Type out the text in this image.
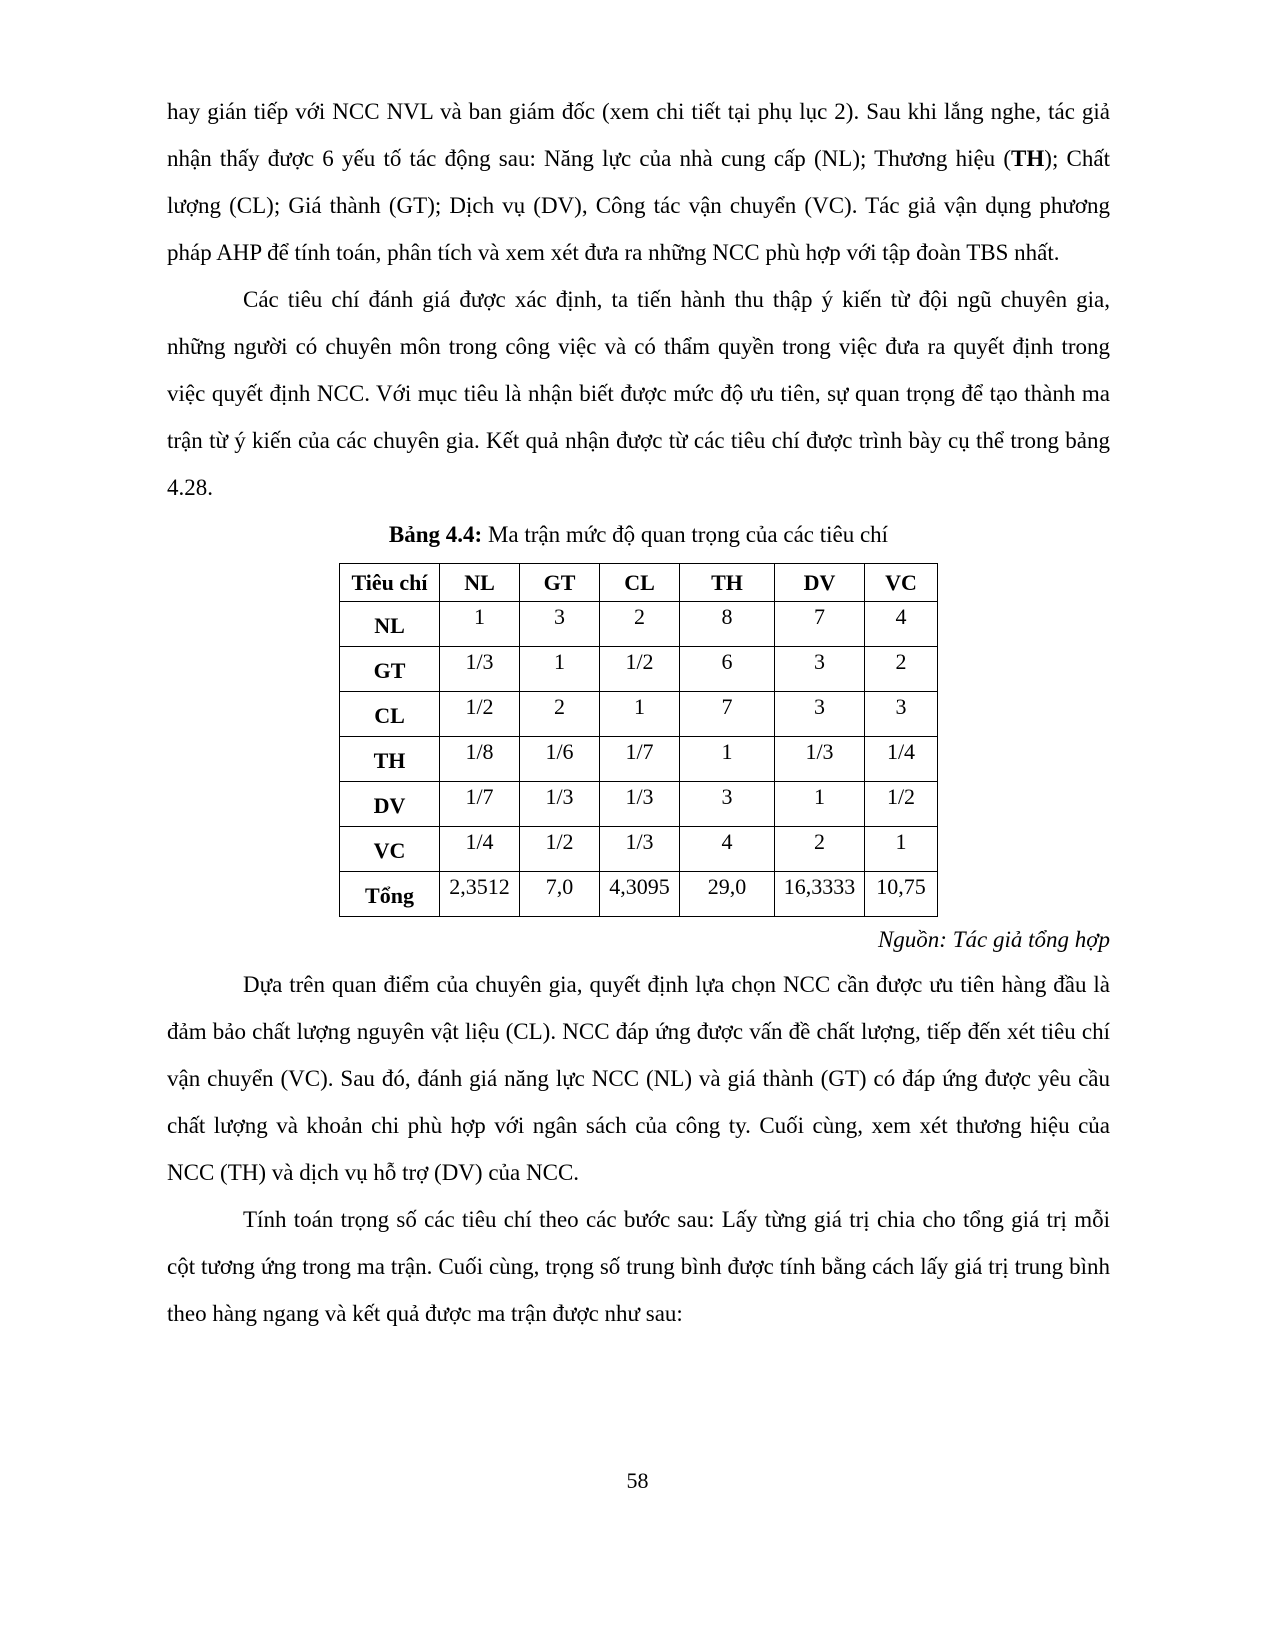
hay gián tiếp với NCC NVL và ban giám đốc (xem chi tiết tại phụ lục 2). Sau khi lắng nghe, tác giả nhận thấy được 6 yếu tố tác động sau: Năng lực của nhà cung cấp (NL); Thương hiệu (TH); Chất lượng (CL); Giá thành (GT); Dịch vụ (DV), Công tác vận chuyển (VC). Tác giả vận dụng phương pháp AHP để tính toán, phân tích và xem xét đưa ra những NCC phù hợp với tập đoàn TBS nhất.

Các tiêu chí đánh giá được xác định, ta tiến hành thu thập ý kiến từ đội ngũ chuyên gia, những người có chuyên môn trong công việc và có thẩm quyền trong việc đưa ra quyết định trong việc quyết định NCC. Với mục tiêu là nhận biết được mức độ ưu tiên, sự quan trọng để tạo thành ma trận từ ý kiến của các chuyên gia. Kết quả nhận được từ các tiêu chí được trình bày cụ thể trong bảng 4.28.

Bảng 4.4: Ma trận mức độ quan trọng của các tiêu chí

Tiêu chí	NL	GT	CL	TH	DV	VC
NL	1	3	2	8	7	4
GT	1/3	1	1/2	6	3	2
CL	1/2	2	1	7	3	3
TH	1/8	1/6	1/7	1	1/3	1/4
DV	1/7	1/3	1/3	3	1	1/2
VC	1/4	1/2	1/3	4	2	1
Tổng	2,3512	7,0	4,3095	29,0	16,3333	10,75

Nguồn: Tác giả tổng hợp

Dựa trên quan điểm của chuyên gia, quyết định lựa chọn NCC cần được ưu tiên hàng đầu là đảm bảo chất lượng nguyên vật liệu (CL). NCC đáp ứng được vấn đề chất lượng, tiếp đến xét tiêu chí vận chuyển (VC). Sau đó, đánh giá năng lực NCC (NL) và giá thành (GT) có đáp ứng được yêu cầu chất lượng và khoản chi phù hợp với ngân sách của công ty. Cuối cùng, xem xét thương hiệu của NCC (TH) và dịch vụ hỗ trợ (DV) của NCC.

Tính toán trọng số các tiêu chí theo các bước sau: Lấy từng giá trị chia cho tổng giá trị mỗi cột tương ứng trong ma trận. Cuối cùng, trọng số trung bình được tính bằng cách lấy giá trị trung bình theo hàng ngang và kết quả được ma trận được như sau:

58
